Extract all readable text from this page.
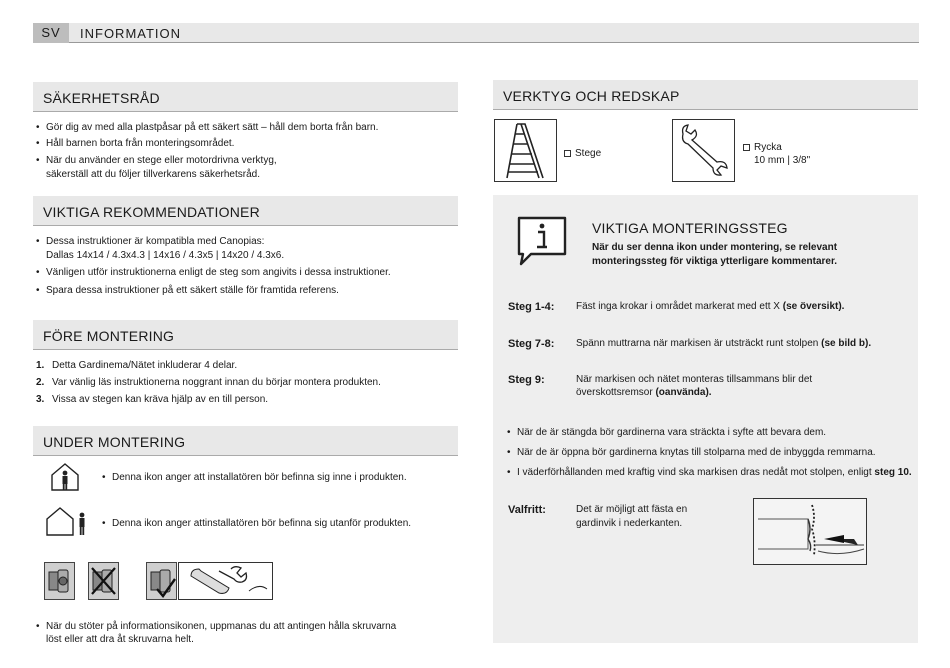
SV	INFORMATION
SÄKERHETSRÅD
• Gör dig av med alla plastpåsar på ett säkert sätt – håll dem borta från barn.
• Håll barnen borta från monteringsområdet.
• När du använder en stege eller motordrivna verktyg,
säkerställ att du följer tillverkarens säkerhetsråd.
VIKTIGA REKOMMENDATIONER
• Dessa instruktioner är kompatibla med Canopias:
Dallas 14x14 / 4.3x4.3 | 14x16 / 4.3x5 | 14x20 / 4.3x6.
• Vänligen utför instruktionerna enligt de steg som angivits i dessa instruktioner.
• Spara dessa instruktioner på ett säkert ställe för framtida referens.
FÖRE MONTERING
1. Detta Gardinema/Nätet inkluderar 4 delar.
2. Var vänlig läs instruktionerna noggrant innan du börjar montera produkten.
3. Vissa av stegen kan kräva hjälp av en till person.
UNDER MONTERING
• Denna ikon anger att installatören bör befinna sig inne i produkten.
• Denna ikon anger attinstallatören bör befinna sig utanför produkten.
• När du stöter på informationsikonen, uppmanas du att antingen hålla skruvarna
löst eller att dra åt skruvarna helt.
VERKTYG OCH REDSKAP
Stege
Rycka
10 mm | 3/8"
VIKTIGA MONTERINGSSTEG
När du ser denna ikon under montering, se relevant
monteringssteg för viktiga ytterligare kommentarer.
Steg 1-4: Fäst inga krokar i området markerat med ett X (se översikt).
Steg 7-8: Spänn muttrarna när markisen är utsträckt runt stolpen (se bild b).
Steg 9:	När markisen och nätet monteras tillsammans blir det
överskottsremsor (oanvända).
• När de är stängda bör gardinerna vara sträckta i syfte att bevara dem.
• När de är öppna bör gardinerna knytas till stolparna med de inbyggda remmarna.
• I väderförhållanden med kraftig vind ska markisen dras nedåt mot stolpen, enligt steg 10.
Valfritt:	Det är möjligt att fästa en
gardinvik i nederkanten.
